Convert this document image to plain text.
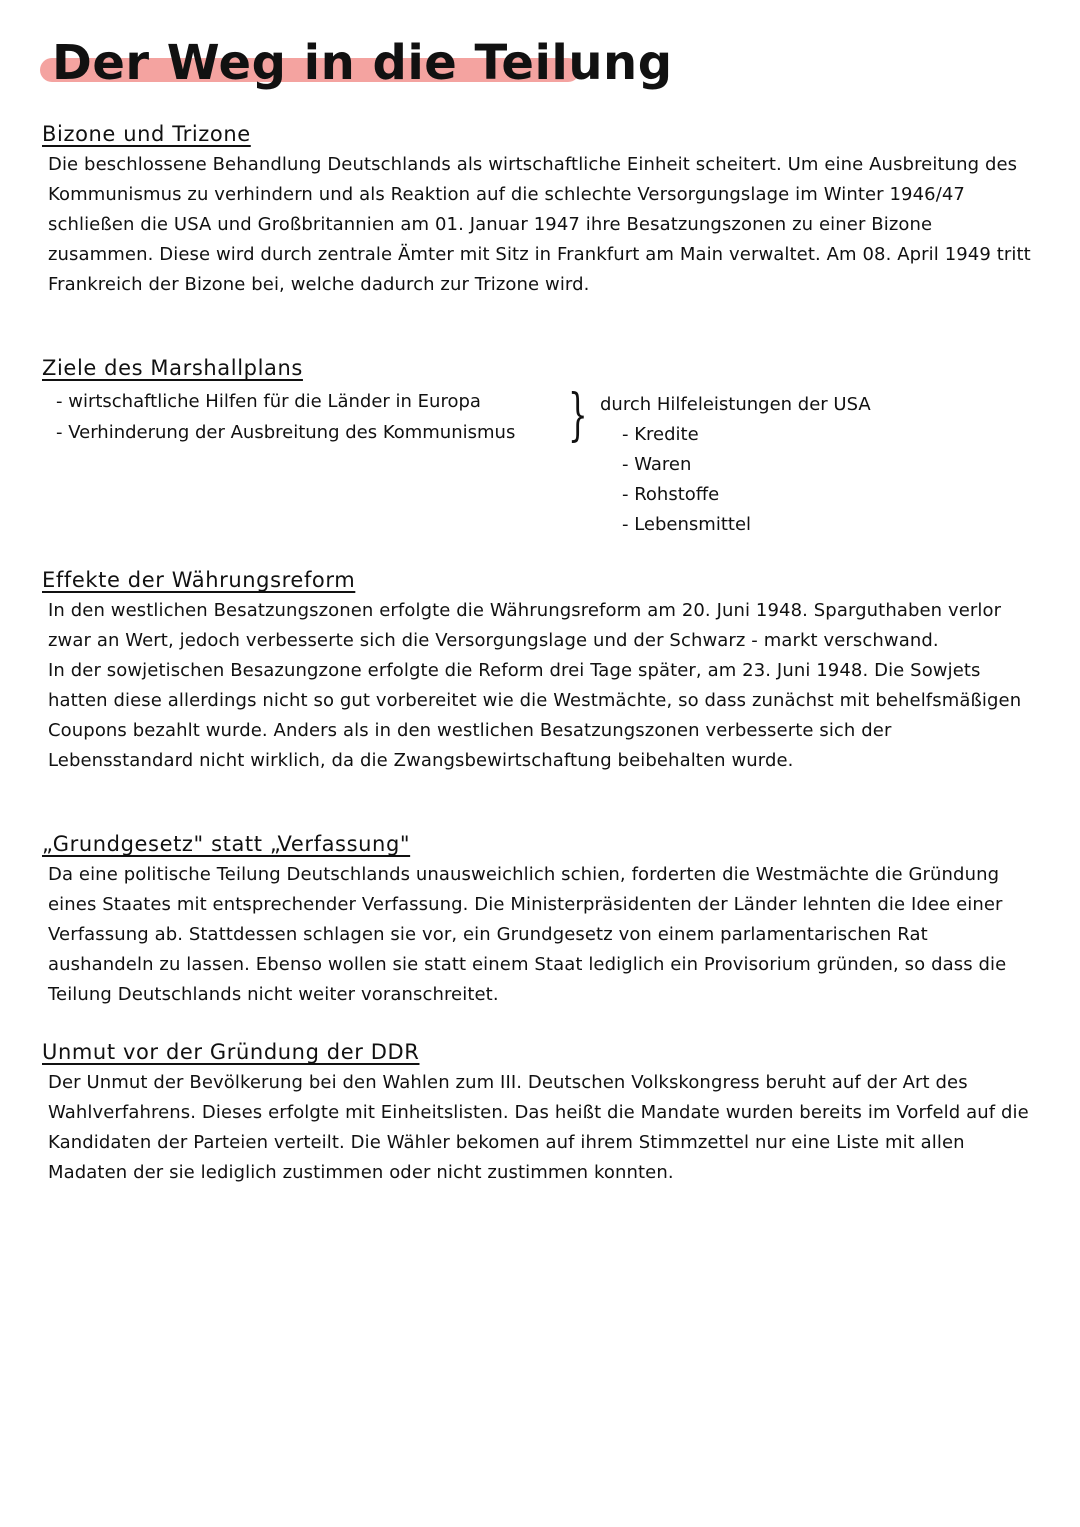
Der Weg in die Teilung
Bizone und Trizone

Die beschlossene Behandlung Deutschlands als wirtschaftliche Einheit scheitert. Um eine Ausbreitung des Kommunismus zu verhindern und als Reaktion auf die schlechte Versorgungslage im Winter 1946/47 schließen die USA und Großbritannien am 01. Januar 1947 ihre Besatzungszonen zu einer Bizone zusammen. Diese wird durch zentrale Ämter mit Sitz in Frankfurt am Main verwaltet. Am 08. April 1949 tritt Frankreich der Bizone bei, welche dadurch zur Trizone wird.

Ziele des Marshallplans
- wirtschaftliche Hilfen für die Länder in Europa
- Verhinderung der Ausbreitung des Kommunismus } durch Hilfeleistungen der USA
- Kredite
- Waren
- Rohstoffe
- Lebensmittel
Effekte der Währungsreform

In den westlichen Besatzungszonen erfolgte die Währungsreform am 20. Juni 1948. Sparguthaben verlor zwar an Wert, jedoch verbesserte sich die Versorgungslage und der Schwarz - markt verschwand.

In der sowjetischen Besazungzone erfolgte die Reform drei Tage später, am 23. Juni 1948. Die Sowjets hatten diese allerdings nicht so gut vorbereitet wie die Westmächte, so dass zunächst mit behelfsmäßigen Coupons bezahlt wurde. Anders als in den westlichen Besatzungszonen verbesserte sich der Lebensstandard nicht wirklich, da die Zwangsbewirtschaftung beibehalten wurde.

„Grundgesetz" statt „Verfassung"

Da eine politische Teilung Deutschlands unausweichlich schien, forderten die Westmächte die Gründung eines Staates mit entsprechender Verfassung. Die Ministerpräsidenten der Länder lehnten die Idee einer Verfassung ab. Stattdessen schlagen sie vor, ein Grundgesetz von einem parlamentarischen Rat aushandeln zu lassen. Ebenso wollen sie statt einem Staat lediglich ein Provisorium gründen, so dass die Teilung Deutschlands nicht weiter voranschreitet.

Unmut vor der Gründung der DDR

Der Unmut der Bevölkerung bei den Wahlen zum III. Deutschen Volkskongress beruht auf der Art des Wahlverfahrens. Dieses erfolgte mit Einheitslisten. Das heißt die Mandate wurden bereits im Vorfeld auf die Kandidaten der Parteien verteilt. Die Wähler bekomen auf ihrem Stimmzettel nur eine Liste mit allen Madaten der sie lediglich zustimmen oder nicht zustimmen konnten.
